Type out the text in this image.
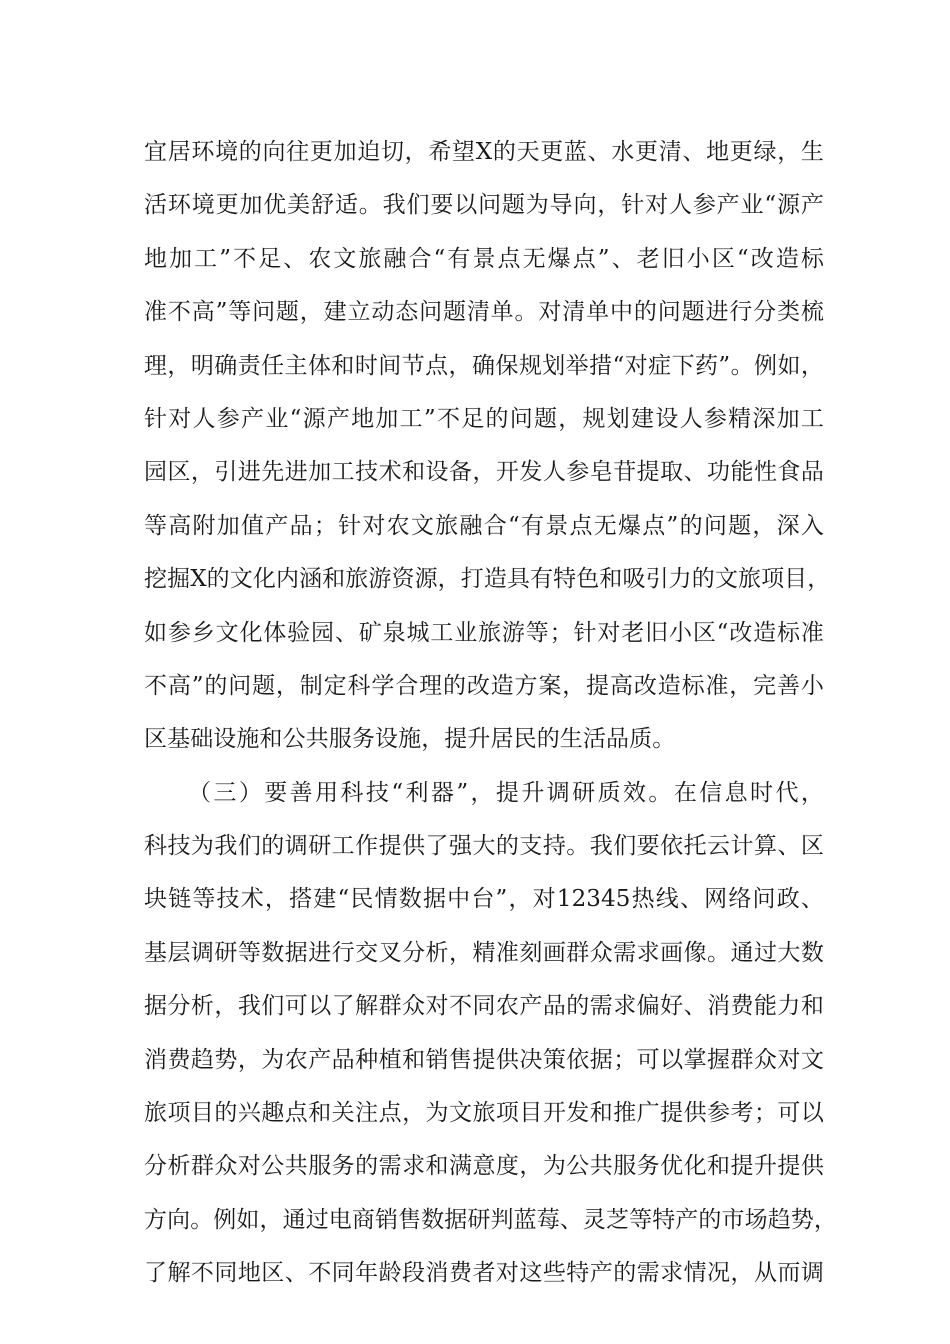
宜居环境的向往更加迫切，希望X的天更蓝、水更清、地更绿，生
活环境更加优美舒适。我们要以问题为导向，针对人参产业“源产
地加工”不足、农文旅融合“有景点无爆点”、老旧小区“改造标
准不高”等问题，建立动态问题清单。对清单中的问题进行分类梳
理，明确责任主体和时间节点，确保规划举措“对症下药”。例如，
针对人参产业“源产地加工”不足的问题，规划建设人参精深加工
园区，引进先进加工技术和设备，开发人参皂苷提取、功能性食品
等高附加值产品；针对农文旅融合“有景点无爆点”的问题，深入
挖掘X的文化内涵和旅游资源，打造具有特色和吸引力的文旅项目，
如参乡文化体验园、矿泉城工业旅游等；针对老旧小区“改造标准
不高”的问题，制定科学合理的改造方案，提高改造标准，完善小
区基础设施和公共服务设施，提升居民的生活品质。
（三）要善用科技“利器”，提升调研质效。在信息时代，
科技为我们的调研工作提供了强大的支持。我们要依托云计算、区
块链等技术，搭建“民情数据中台”，对12345热线、网络问政、
基层调研等数据进行交叉分析，精准刻画群众需求画像。通过大数
据分析，我们可以了解群众对不同农产品的需求偏好、消费能力和
消费趋势，为农产品种植和销售提供决策依据；可以掌握群众对文
旅项目的兴趣点和关注点，为文旅项目开发和推广提供参考；可以
分析群众对公共服务的需求和满意度，为公共服务优化和提升提供
方向。例如，通过电商销售数据研判蓝莓、灵芝等特产的市场趋势，
了解不同地区、不同年龄段消费者对这些特产的需求情况，从而调
